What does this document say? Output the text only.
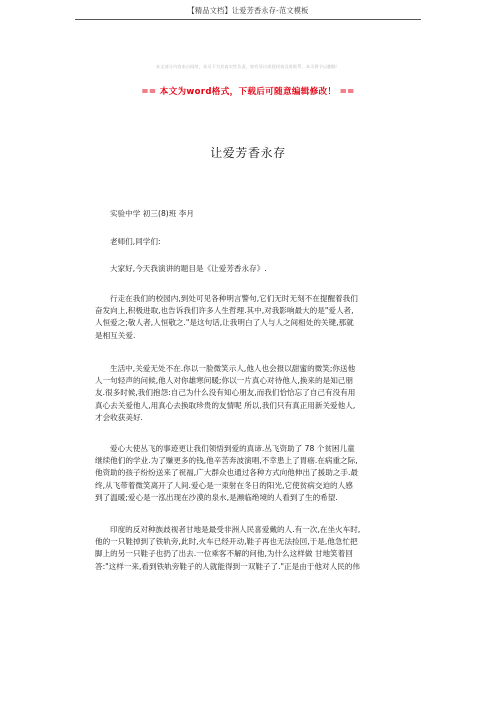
【精品文档】让爱芳香永存-范文模板
本文部分内容来自网络，本司不为其真实性负责，如有异议或侵权请及时联系，本司将予以删除！
== 本文为word格式，下载后可随意编辑修改！ ==
让爱芳香永存
实验中学 初三(8)班 李月
老师们,同学们:
大家好,今天我演讲的题目是《让爱芳香永存》.
行走在我们的校园内,到处可见各种明言警句,它们无时无刻不在提醒着我们
奋发向上,积极进取,也告诉我们许多人生哲理.其中,对我影响最大的是"爱人者,
人恒爱之;敬人者,人恒敬之."是这句话,让我明白了人与人之间相处的关键,那就
是相互关爱.
生活中,关爱无处不在.你以一脸微笑示人,他人也会报以甜蜜的微笑;你送他
人一句轻声的问候,他人对你雄寒问暖;你以一片真心对待他人,换来的是知己朋
友.很多时候,我们抱怨:自己为什么没有知心朋友,而我们恰恰忘了自己有没有用
真心去关爱他人,用真心去换取珍贵的友情呢 所以,我们只有真正用新关爱他人,
才会收获美好.
爱心大使丛飞的事迹更让我们领悟到爱的真谛.丛飞资助了 78 个贫困儿童
继续他们的学业.为了赚更多的钱,他辛苦奔波演唱,不幸患上了胃癌.在病重之际,
他资助的孩子纷纷送来了祝福,广大群众也通过各种方式向他伸出了援助之手.最
终,从飞带着微笑离开了人间.爱心是一束射在冬日的阳光,它使贫病交迫的人感
到了温暖;爱心是一泓出现在沙漠的泉水,是濒临绝境的人看到了生的希望.
印度的反对种族歧视者甘地是最受非洲人民喜爱戴的人.有一次,在坐火车时,
他的一只鞋掉到了铁轨旁,此时,火车已经开动,鞋子再也无法捡回,于是,他急忙把
脚上的另一只鞋子也扔了出去.一位乘客不解的问他,为什么这样做 甘地笑着回
答:"这样一来,看到铁轨旁鞋子的人就能得到一双鞋子了."正是由于他对人民的伟
